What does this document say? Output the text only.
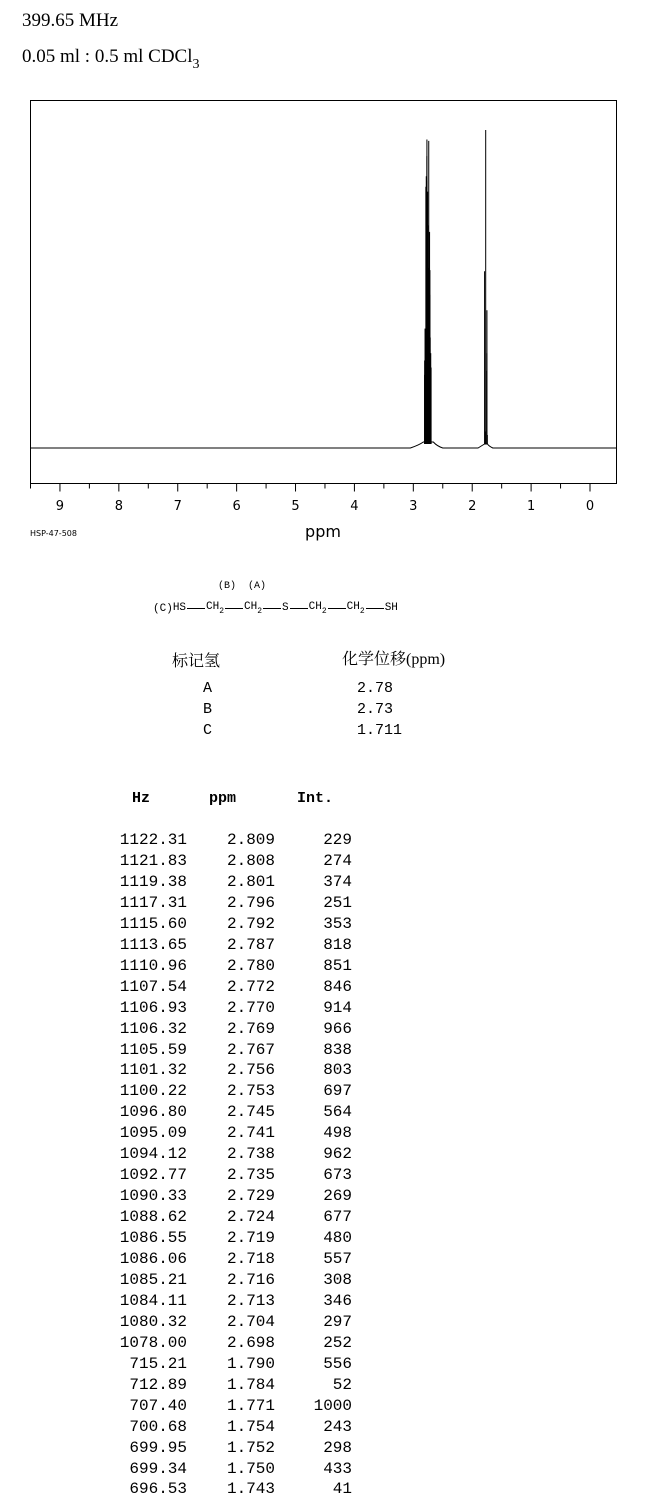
399.65 MHz
0.05 ml : 0.5 ml CDCl$_3$
9	8	7	6	5	4	3	2	1	0
ppm
HSP-47-508
(B)  (A)
(C)HS $CH_2$ $CH_2$ S $CH_2$ $CH_2$ SH
标记氢	化学位移(ppm)
A	2.78
B	2.73
C	1.711
Hz	ppm	Int.
1122.31	2.809	229
1121.83	2.808	274
1119.38	2.801	374
1117.31	2.796	251
1115.60	2.792	353
1113.65	2.787	818
1110.96	2.780	851
1107.54	2.772	846
1106.93	2.770	914
1106.32	2.769	966
1105.59	2.767	838
1101.32	2.756	803
1100.22	2.753	697
1096.80	2.745	564
1095.09	2.741	498
1094.12	2.738	962
1092.77	2.735	673
1090.33	2.729	269
1088.62	2.724	677
1086.55	2.719	480
1086.06	2.718	557
1085.21	2.716	308
1084.11	2.713	346
1080.32	2.704	297
1078.00	2.698	252
715.21	1.790	556
712.89	1.784	52
707.40	1.771	1000
700.68	1.754	243
699.95	1.752	298
699.34	1.750	433
696.53	1.743	41
